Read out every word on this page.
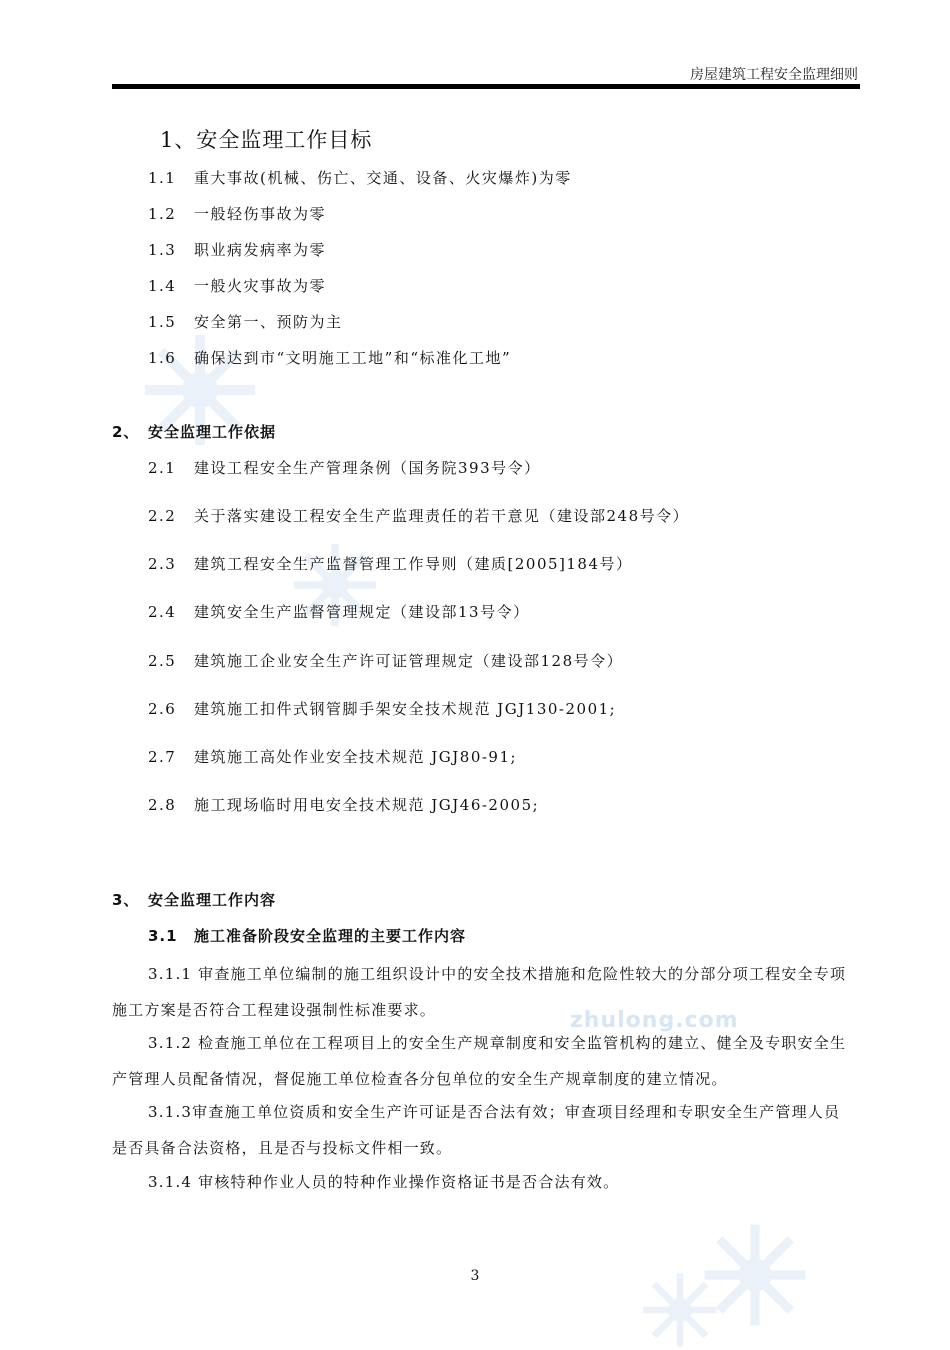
zhulong.com
房屋建筑工程安全监理细则
1、安全监理工作目标
1.1 重大事故(机械、伤亡、交通、设备、火灾爆炸)为零
1.2 一般轻伤事故为零
1.3 职业病发病率为零
1.4 一般火灾事故为零
1.5 安全第一、预防为主
1.6 确保达到市“文明施工工地”和“标准化工地”
2、 安全监理工作依据
2.1 建设工程安全生产管理条例（国务院393号令）
2.2 关于落实建设工程安全生产监理责任的若干意见（建设部248号令）
2.3 建筑工程安全生产监督管理工作导则（建质[2005]184号）
2.4 建筑安全生产监督管理规定（建设部13号令）
2.5 建筑施工企业安全生产许可证管理规定（建设部128号令）
2.6 建筑施工扣件式钢管脚手架安全技术规范 JGJ130-2001;
2.7 建筑施工高处作业安全技术规范 JGJ80-91;
2.8 施工现场临时用电安全技术规范 JGJ46-2005;
3、 安全监理工作内容
3.1 施工准备阶段安全监理的主要工作内容
3.1.1 审查施工单位编制的施工组织设计中的安全技术措施和危险性较大的分部分项工程安全专项施工方案是否符合工程建设强制性标准要求。
3.1.2 检查施工单位在工程项目上的安全生产规章制度和安全监管机构的建立、健全及专职安全生产管理人员配备情况，督促施工单位检查各分包单位的安全生产规章制度的建立情况。
3.1.3审查施工单位资质和安全生产许可证是否合法有效；审查项目经理和专职安全生产管理人员是否具备合法资格，且是否与投标文件相一致。
3.1.4 审核特种作业人员的特种作业操作资格证书是否合法有效。
3
